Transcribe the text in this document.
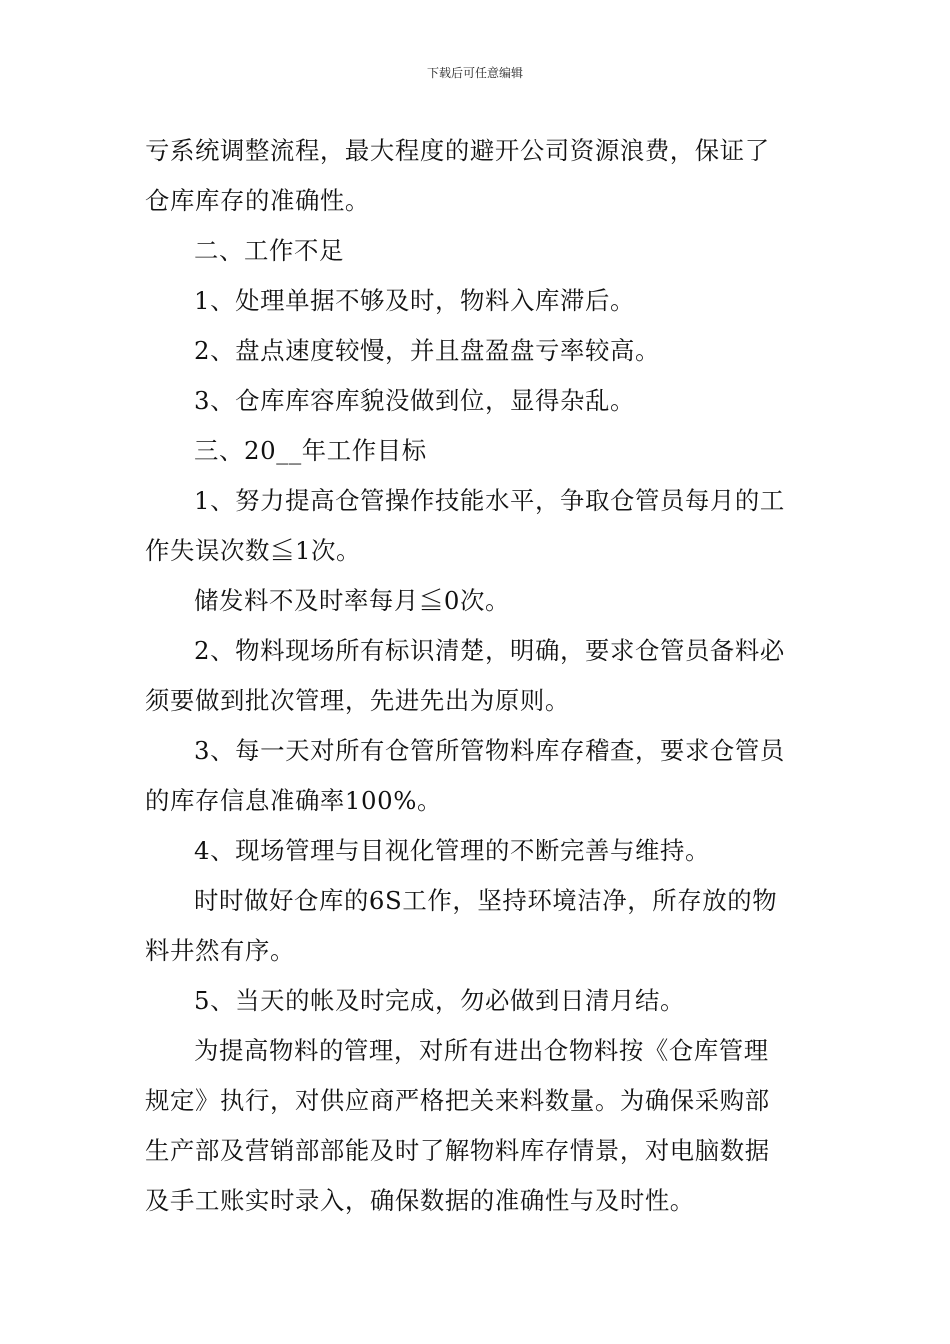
下载后可任意编辑
亏系统调整流程，最大程度的避开公司资源浪费，保证了
仓库库存的准确性。
二、工作不足
1、处理单据不够及时，物料入库滞后。
2、盘点速度较慢，并且盘盈盘亏率较高。
3、仓库库容库貌没做到位，显得杂乱。
三、20__年工作目标
1、努力提高仓管操作技能水平，争取仓管员每月的工
作失误次数≦1次。
储发料不及时率每月≦0次。
2、物料现场所有标识清楚，明确，要求仓管员备料必
须要做到批次管理，先进先出为原则。
3、每一天对所有仓管所管物料库存稽查，要求仓管员
的库存信息准确率100%。
4、现场管理与目视化管理的不断完善与维持。
时时做好仓库的6S工作，坚持环境洁净，所存放的物
料井然有序。
5、当天的帐及时完成，勿必做到日清月结。
为提高物料的管理，对所有进出仓物料按《仓库管理
规定》执行，对供应商严格把关来料数量。为确保采购部
生产部及营销部部能及时了解物料库存情景，对电脑数据
及手工账实时录入，确保数据的准确性与及时性。
